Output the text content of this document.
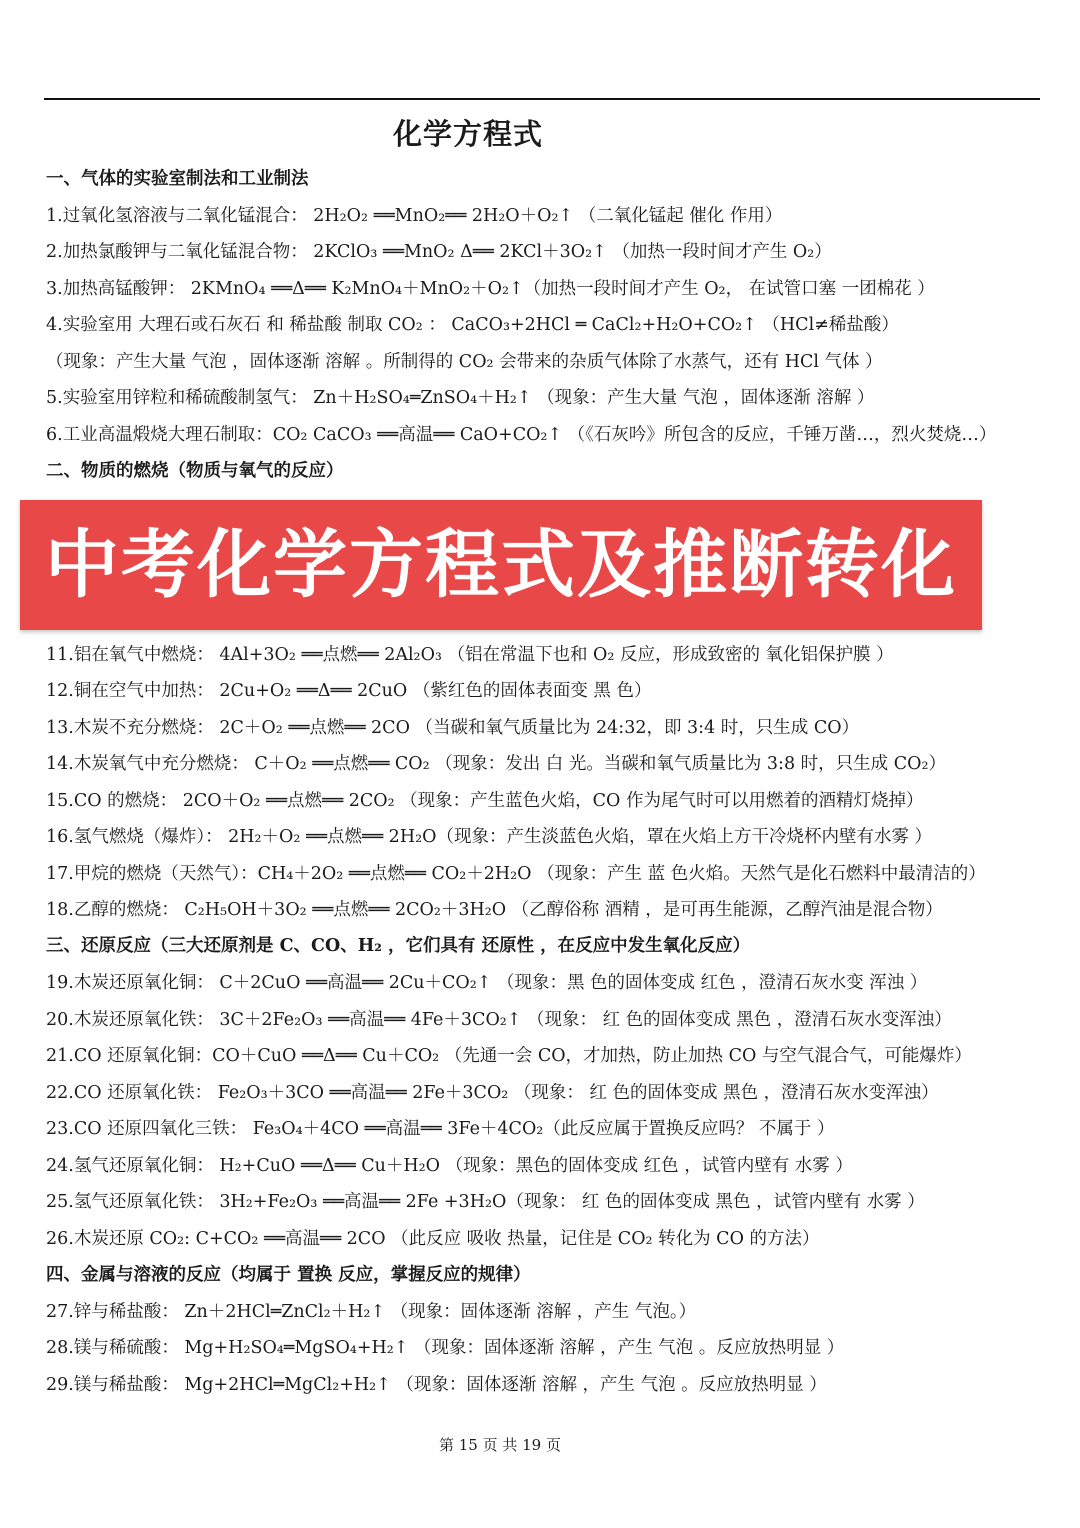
化学方程式
一、气体的实验室制法和工业制法
1.过氧化氢溶液与二氧化锰混合： 2H₂O₂ ══MnO₂══ 2H₂O＋O₂↑ （二氧化锰起 催化 作用）
2.加热氯酸钾与二氧化锰混合物： 2KClO₃ ══MnO₂ Δ══ 2KCl＋3O₂↑ （加热一段时间才产生 O₂）
3.加热高锰酸钾： 2KMnO₄ ══Δ══ K₂MnO₄＋MnO₂＋O₂↑（加热一段时间才产生 O₂， 在试管口塞 一团棉花 ）
4.实验室用 大理石或石灰石 和 稀盐酸 制取 CO₂ ： CaCO₃+2HCl ═ CaCl₂+H₂O+CO₂↑ （HCl≠稀盐酸）
（现象：产生大量 气泡 ，固体逐渐 溶解 。所制得的 CO₂ 会带来的杂质气体除了水蒸气，还有 HCl 气体 ）
5.实验室用锌粒和稀硫酸制氢气： Zn＋H₂SO₄═ZnSO₄＋H₂↑ （现象：产生大量 气泡 ，固体逐渐 溶解 ）
6.工业高温煅烧大理石制取：CO₂ CaCO₃ ══高温══ CaO+CO₂↑ （《石灰吟》所包含的反应，千锤万凿…，烈火焚烧…）
二、物质的燃烧（物质与氧气的反应）
中考化学方程式及推断转化
11.铝在氧气中燃烧： 4Al+3O₂ ══点燃══ 2Al₂O₃ （铝在常温下也和 O₂ 反应，形成致密的 氧化铝保护膜 ）
12.铜在空气中加热： 2Cu+O₂ ══Δ══ 2CuO （紫红色的固体表面变 黑 色）
13.木炭不充分燃烧： 2C＋O₂ ══点燃══ 2CO （当碳和氧气质量比为 24:32，即 3:4 时，只生成 CO）
14.木炭氧气中充分燃烧： C＋O₂ ══点燃══ CO₂ （现象：发出 白 光。当碳和氧气质量比为 3:8 时，只生成 CO₂）
15.CO 的燃烧： 2CO＋O₂ ══点燃══ 2CO₂ （现象：产生蓝色火焰，CO 作为尾气时可以用燃着的酒精灯烧掉）
16.氢气燃烧（爆炸）： 2H₂＋O₂ ══点燃══ 2H₂O（现象：产生淡蓝色火焰，罩在火焰上方干冷烧杯内壁有水雾 ）
17.甲烷的燃烧（天然气）：CH₄＋2O₂ ══点燃══ CO₂＋2H₂O （现象：产生 蓝 色火焰。天然气是化石燃料中最清洁的）
18.乙醇的燃烧： C₂H₅OH＋3O₂ ══点燃══ 2CO₂＋3H₂O （乙醇俗称 酒精 ，是可再生能源，乙醇汽油是混合物）
三、还原反应（三大还原剂是 C、CO、H₂ ，它们具有 还原性 ，在反应中发生氧化反应）
19.木炭还原氧化铜： C＋2CuO ══高温══ 2Cu＋CO₂↑ （现象：黑 色的固体变成 红色 ，澄清石灰水变 浑浊 ）
20.木炭还原氧化铁： 3C＋2Fe₂O₃ ══高温══ 4Fe＋3CO₂↑ （现象： 红 色的固体变成 黑色 ，澄清石灰水变浑浊）
21.CO 还原氧化铜：CO＋CuO ══Δ══ Cu＋CO₂ （先通一会 CO，才加热，防止加热 CO 与空气混合气，可能爆炸）
22.CO 还原氧化铁： Fe₂O₃＋3CO ══高温══ 2Fe＋3CO₂ （现象： 红 色的固体变成 黑色 ，澄清石灰水变浑浊）
23.CO 还原四氧化三铁： Fe₃O₄＋4CO ══高温══ 3Fe＋4CO₂（此反应属于置换反应吗？ 不属于 ）
24.氢气还原氧化铜： H₂+CuO ══Δ══ Cu＋H₂O （现象：黑色的固体变成 红色 ，试管内壁有 水雾 ）
25.氢气还原氧化铁： 3H₂+Fe₂O₃ ══高温══ 2Fe +3H₂O（现象： 红 色的固体变成 黑色 ，试管内壁有 水雾 ）
26.木炭还原 CO₂: C+CO₂ ══高温══ 2CO （此反应 吸收 热量，记住是 CO₂ 转化为 CO 的方法）
四、金属与溶液的反应（均属于 置换 反应，掌握反应的规律）
27.锌与稀盐酸： Zn＋2HCl═ZnCl₂＋H₂↑ （现象：固体逐渐 溶解 ，产生 气泡。）
28.镁与稀硫酸： Mg+H₂SO₄═MgSO₄+H₂↑ （现象：固体逐渐 溶解 ，产生 气泡 。反应放热明显 ）
29.镁与稀盐酸： Mg+2HCl═MgCl₂+H₂↑ （现象：固体逐渐 溶解 ，产生 气泡 。反应放热明显 ）
第 15 页 共 19 页
